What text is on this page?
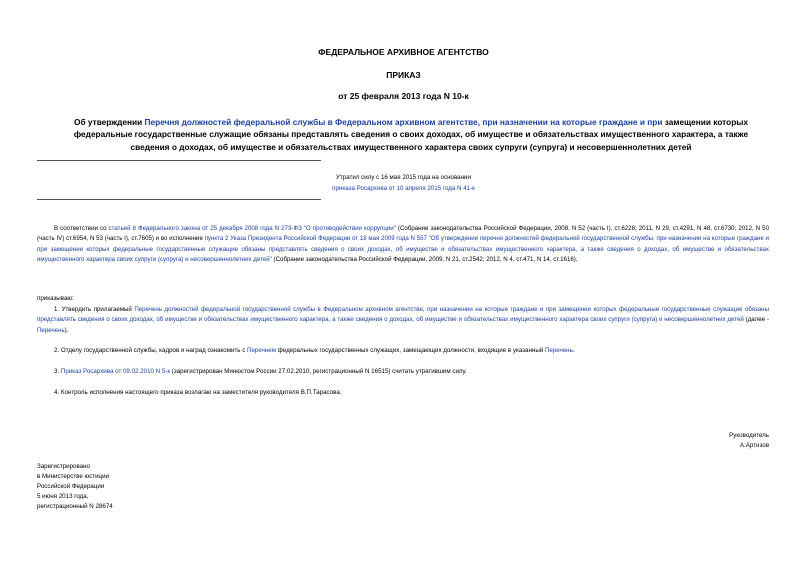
ФЕДЕРАЛЬНОЕ АРХИВНОЕ АГЕНТСТВО
ПРИКАЗ
от 25 февраля 2013 года N 10-к
Об утверждении Перечня должностей федеральной службы в Федеральном архивном агентстве, при назначении на которые граждане и при замещении которых федеральные государственные служащие обязаны представлять сведения о своих доходах, об имуществе и обязательствах имущественного характера, а также сведения о доходах, об имуществе и обязательствах имущественного характера своих супруги (супруга) и несовершеннолетних детей
Утратил силу с 16 мая 2015 года на основании
приказа Росархива от 10 апреля 2015 года N 41-к
В соответствии со статьей 8 Федерального закона от 25 декабря 2008 года N 273-ФЗ "О противодействии коррупции" (Собрание законодательства Российской Федерации, 2008, N 52 (часть I), ст.6228; 2011, N 29, ст.4291, N 48, ст.6730; 2012, N 50 (часть IV) ст.6954, N 53 (часть I), ст.7605) и во исполнение пункта 2 Указа Президента Российской Федерации от 18 мая 2009 года N 557 "Об утверждении перечня должностей федеральной государственной службы, при назначении на которые граждане и при замещении которых федеральные государственные служащие обязаны представлять сведения о своих доходах, об имуществе и обязательствах имущественного характера, а также сведения о доходах, об имуществе и обязательствах имущественного характера своих супруги (супруга) и несовершеннолетних детей" (Собрание законодательства Российской Федерации, 2009, N 21, ст.2542; 2012, N 4, ст.471, N 14, ст.1616),
приказываю:
1. Утвердить прилагаемый Перечень должностей федеральной государственной службы в Федеральном архивном агентстве, при назначении на которые граждане и при замещении которых федеральные государственные служащие обязаны представлять сведения о своих доходах, об имуществе и обязательствах имущественного характера, а также сведения о доходах, об имуществе и обязательствах имущественного характера своих супруги (супруга) и несовершеннолетних детей (далее - Перечень).
2. Отделу государственной службы, кадров и наград ознакомить с Перечнем федеральных государственных служащих, замещающих должности, входящие в указанный Перечень.
3. Приказ Росархива от 09.02.2010 N 5-к (зарегистрирован Минюстом России 27.02.2010, регистрационный N 16515) считать утратившим силу.
4. Контроль исполнения настоящего приказа возлагаю на заместителя руководителя В.П.Тарасова.
Руководитель
А.Артизов
Зарегистрировано
в Министерстве юстиции
Российской Федерации
5 июня 2013 года,
регистрационный N 28674
